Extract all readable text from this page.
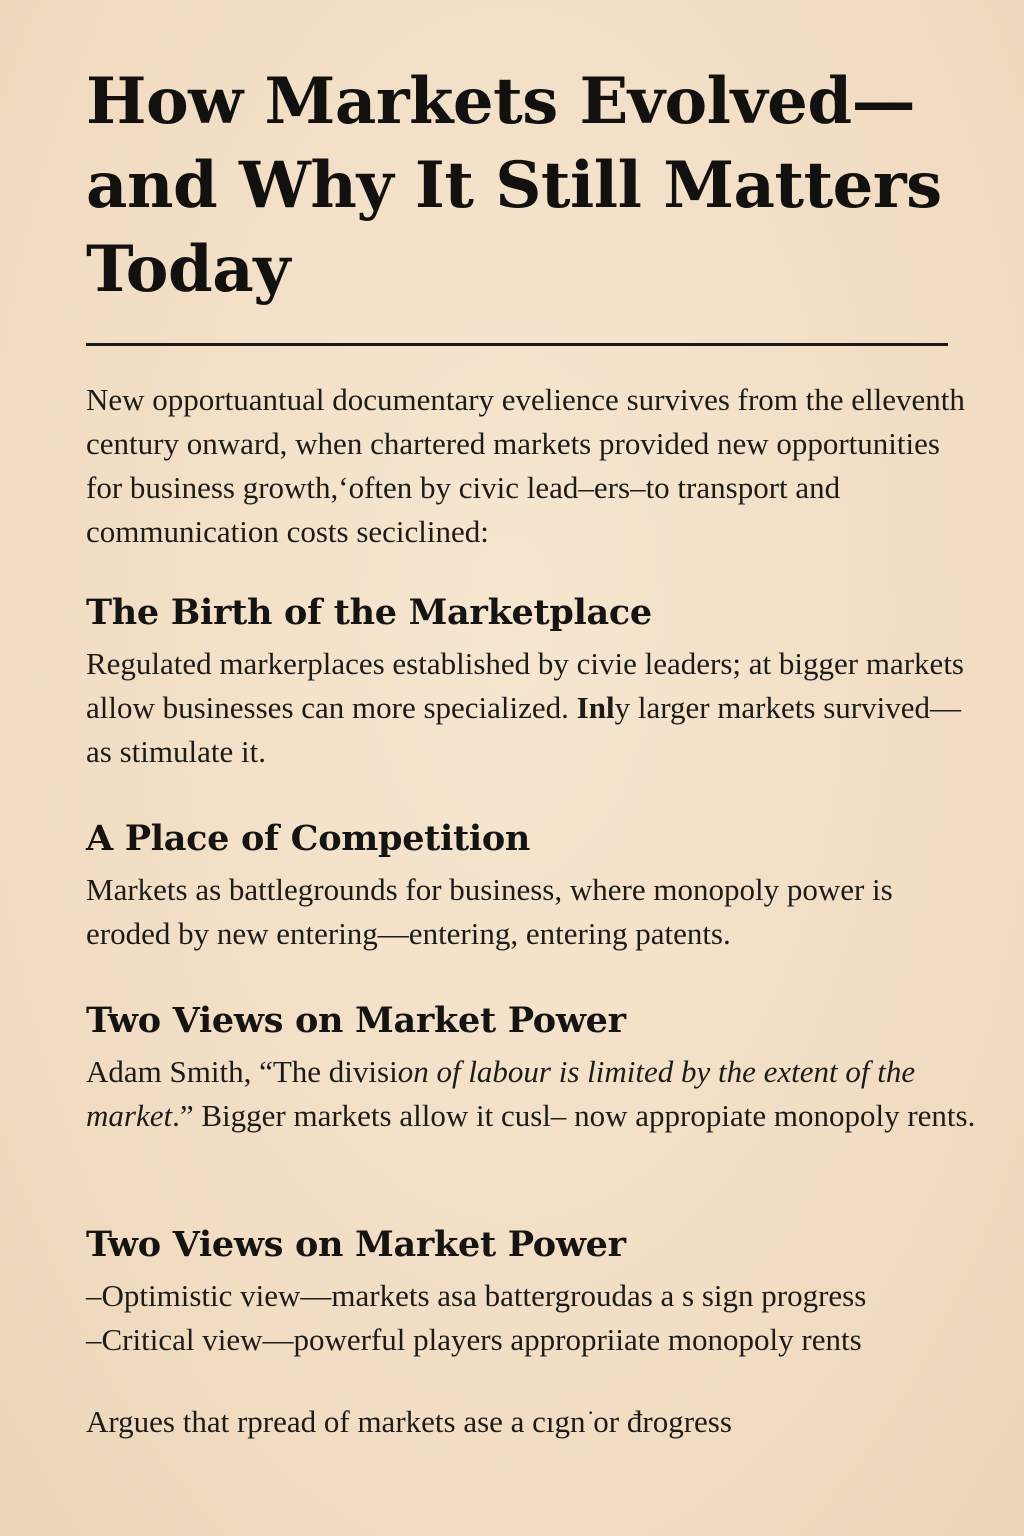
How Markets Evolved—and Why It Still Matters Today

New opportuantual documentary evelience survives from the elleventh century onward, when chartered markets provided new opportunities for business growth,‘often by civic lead–ers–to transport and communication costs seciclined:

The Birth of the Marketplace

Regulated markerplaces established by civie leaders; at bigger markets allow businesses can more specialized. Inly larger markets survived—as stimulate it.

A Place of Competition

Markets as battlegrounds for business, where monopoly power is eroded by new entering—entering, entering patents.

Two Views on Market Power

Adam Smith, “The division of labour is limited by the extent of the market.” Bigger markets allow it cusl– now appropiate monopoly rents.

Two Views on Market Power
–Optimistic view—markets asa battergroudas a s sign progress
–Critical view—powerful players appropriiate monopoly rents

Argues that rpread of markets ase a cıgn͘ or đrogress
